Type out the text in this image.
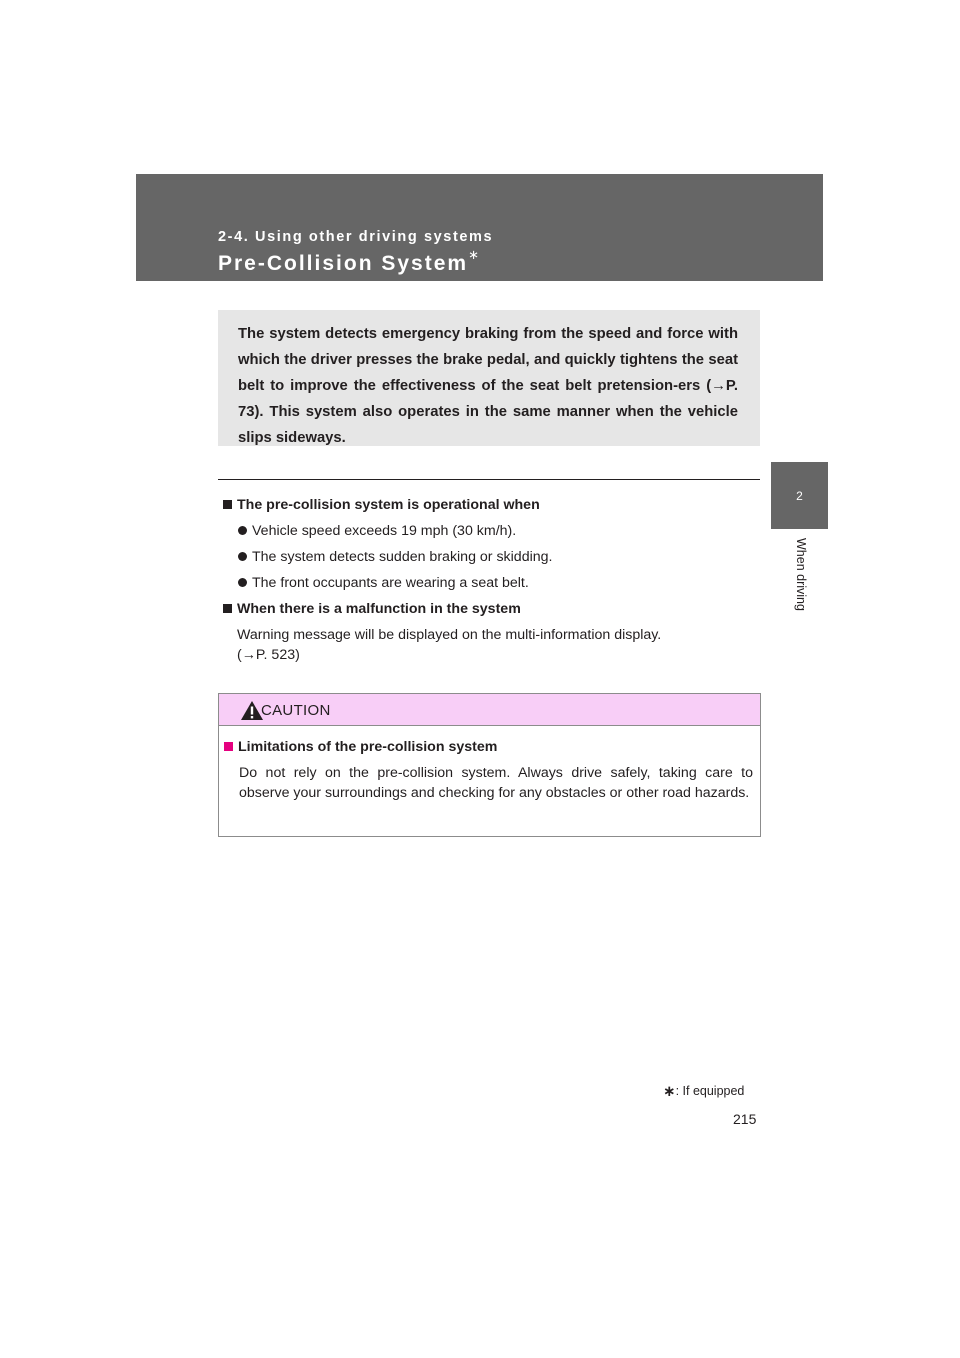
2-4. Using other driving systems
Pre-Collision System∗
2
When driving

The system detects emergency braking from the speed and force with which the driver presses the brake pedal, and quickly tightens the seat belt to improve the effectiveness of the seat belt pretension-ers (→P. 73). This system also operates in the same manner when the vehicle slips sideways.

The pre-collision system is operational when
Vehicle speed exceeds 19 mph (30 km/h).
The system detects sudden braking or skidding.
The front occupants are wearing a seat belt.
When there is a malfunction in the system
Warning message will be displayed on the multi-information display.
(→P. 523)
CAUTION
Limitations of the pre-collision system

Do not rely on the pre-collision system. Always drive safely, taking care to observe your surroundings and checking for any obstacles or other road hazards.

∗: If equipped
215
